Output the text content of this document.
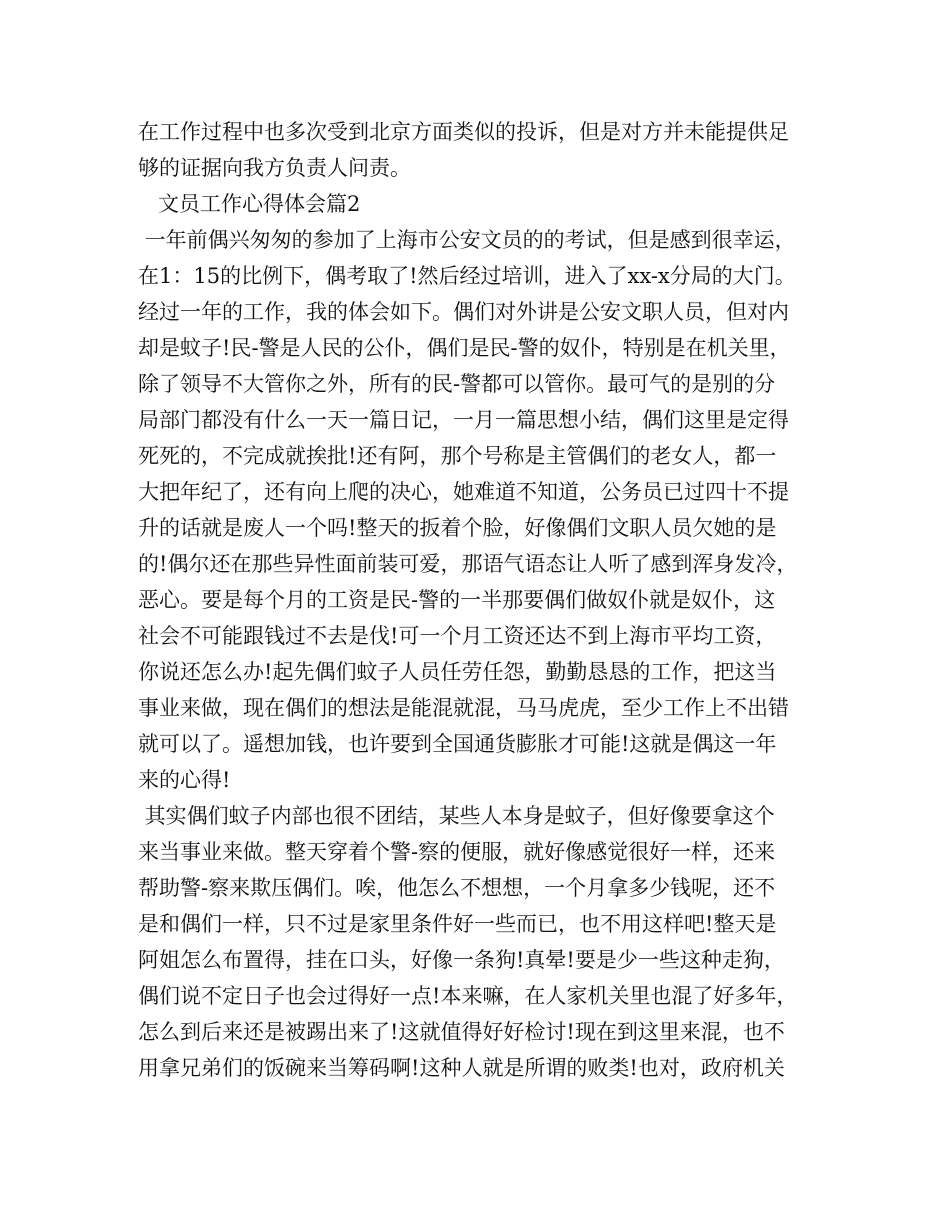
在工作过程中也多次受到北京方面类似的投诉，但是对方并未能提供足
够的证据向我方负责人问责。
文员工作心得体会篇2
一年前偶兴匆匆的参加了上海市公安文员的的考试，但是感到很幸运，
在1：15的比例下，偶考取了!然后经过培训，进入了xx-x分局的大门。
经过一年的工作，我的体会如下。偶们对外讲是公安文职人员，但对内
却是蚊子!民-警是人民的公仆，偶们是民-警的奴仆，特别是在机关里，
除了领导不大管你之外，所有的民-警都可以管你。最可气的是别的分
局部门都没有什么一天一篇日记，一月一篇思想小结，偶们这里是定得
死死的，不完成就挨批!还有阿，那个号称是主管偶们的老女人，都一
大把年纪了，还有向上爬的决心，她难道不知道，公务员已过四十不提
升的话就是废人一个吗!整天的扳着个脸，好像偶们文职人员欠她的是
的!偶尔还在那些异性面前装可爱，那语气语态让人听了感到浑身发冷，
恶心。要是每个月的工资是民-警的一半那要偶们做奴仆就是奴仆，这
社会不可能跟钱过不去是伐!可一个月工资还达不到上海市平均工资，
你说还怎么办!起先偶们蚊子人员任劳任怨，勤勤恳恳的工作，把这当
事业来做，现在偶们的想法是能混就混，马马虎虎，至少工作上不出错
就可以了。遥想加钱，也许要到全国通货膨胀才可能!这就是偶这一年
来的心得!
其实偶们蚊子内部也很不团结，某些人本身是蚊子，但好像要拿这个
来当事业来做。整天穿着个警-察的便服，就好像感觉很好一样，还来
帮助警-察来欺压偶们。唉，他怎么不想想，一个月拿多少钱呢，还不
是和偶们一样，只不过是家里条件好一些而已，也不用这样吧!整天是
阿姐怎么布置得，挂在口头，好像一条狗!真晕!要是少一些这种走狗，
偶们说不定日子也会过得好一点!本来嘛，在人家机关里也混了好多年，
怎么到后来还是被踢出来了!这就值得好好检讨!现在到这里来混，也不
用拿兄弟们的饭碗来当筹码啊!这种人就是所谓的败类!也对，政府机关
